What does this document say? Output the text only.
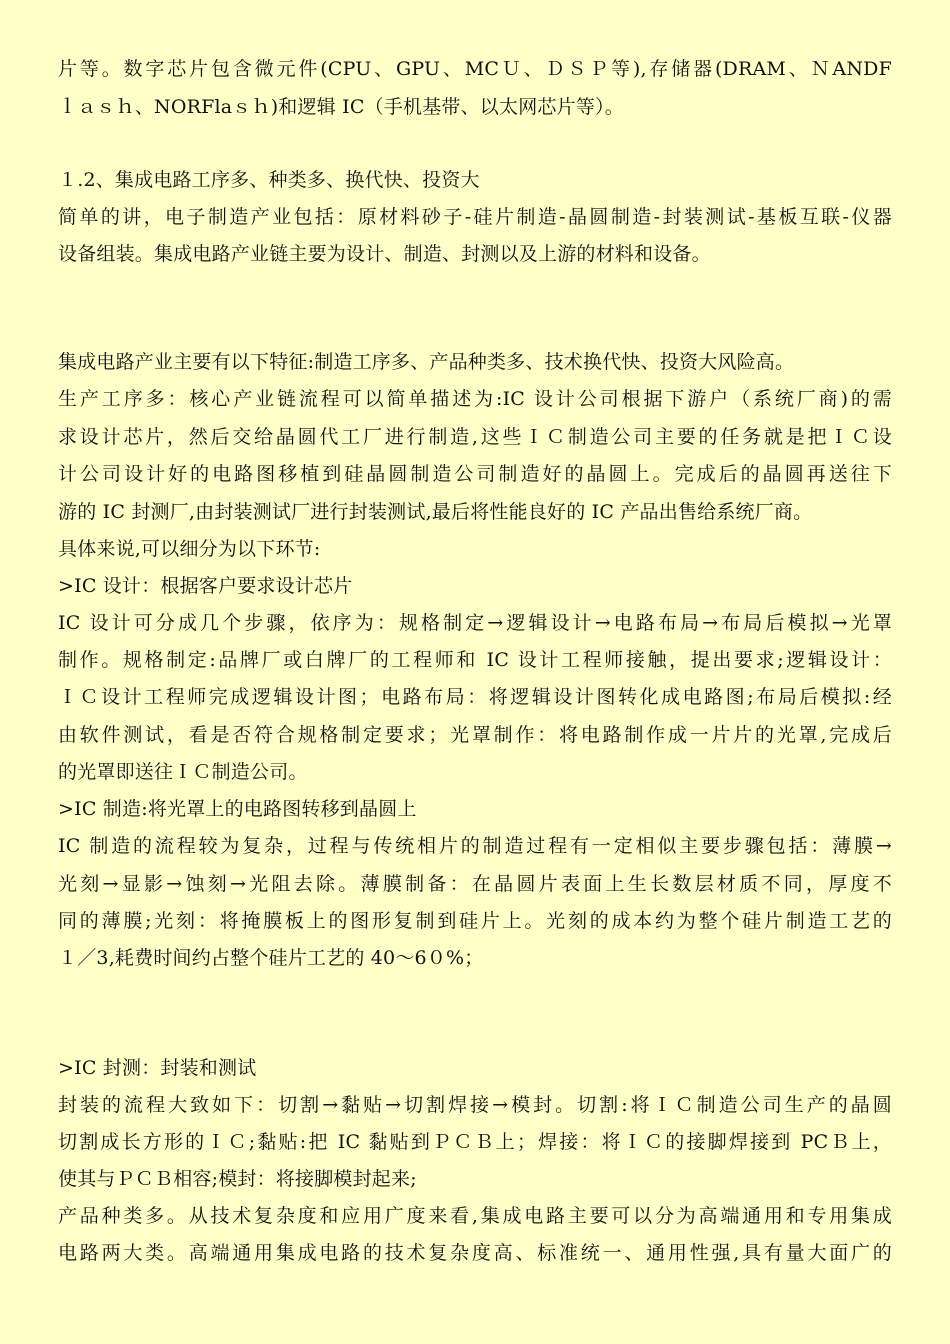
片等。数字芯片包含微元件(CPU、GPU、MCＵ、ＤＳＰ等),存储器(DRAM、ＮANDF
ｌａｓｈ、NORFlaｓｈ)和逻辑 IC（手机基带、以太网芯片等）。
１.2、集成电路工序多、种类多、换代快、投资大
简单的讲，电子制造产业包括：原材料砂子-硅片制造-晶圆制造-封装测试-基板互联-仪器
设备组装。集成电路产业链主要为设计、制造、封测以及上游的材料和设备。
集成电路产业主要有以下特征:制造工序多、产品种类多、技术换代快、投资大风险高。
生产工序多：核心产业链流程可以简单描述为:IC 设计公司根据下游户（系统厂商)的需
求设计芯片，然后交给晶圆代工厂进行制造,这些ＩＣ制造公司主要的任务就是把ＩＣ设
计公司设计好的电路图移植到硅晶圆制造公司制造好的晶圆上。完成后的晶圆再送往下
游的 IC 封测厂,由封装测试厂进行封装测试,最后将性能良好的 IC 产品出售给系统厂商。
具体来说,可以细分为以下环节:
>IC 设计：根据客户要求设计芯片
IC 设计可分成几个步骤，依序为：规格制定→逻辑设计→电路布局→布局后模拟→光罩
制作。规格制定:品牌厂或白牌厂的工程师和 IC 设计工程师接触，提出要求;逻辑设计：
ＩＣ设计工程师完成逻辑设计图；电路布局：将逻辑设计图转化成电路图;布局后模拟:经
由软件测试，看是否符合规格制定要求；光罩制作：将电路制作成一片片的光罩,完成后
的光罩即送往ＩＣ制造公司。
>IC 制造:将光罩上的电路图转移到晶圆上
IC 制造的流程较为复杂，过程与传统相片的制造过程有一定相似主要步骤包括：薄膜→
光刻→显影→蚀刻→光阻去除。薄膜制备：在晶圆片表面上生长数层材质不同，厚度不
同的薄膜;光刻：将掩膜板上的图形复制到硅片上。光刻的成本约为整个硅片制造工艺的
１／3,耗费时间约占整个硅片工艺的 40～6０%；
>IC 封测：封装和测试
封装的流程大致如下：切割→黏贴→切割焊接→模封。切割:将ＩＣ制造公司生产的晶圆
切割成长方形的ＩＣ;黏贴:把 IC 黏贴到ＰＣＢ上；焊接：将ＩＣ的接脚焊接到 PCＢ上，
使其与ＰＣＢ相容;模封：将接脚模封起来;
产品种类多。从技术复杂度和应用广度来看,集成电路主要可以分为高端通用和专用集成
电路两大类。高端通用集成电路的技术复杂度高、标准统一、通用性强,具有量大面广的
